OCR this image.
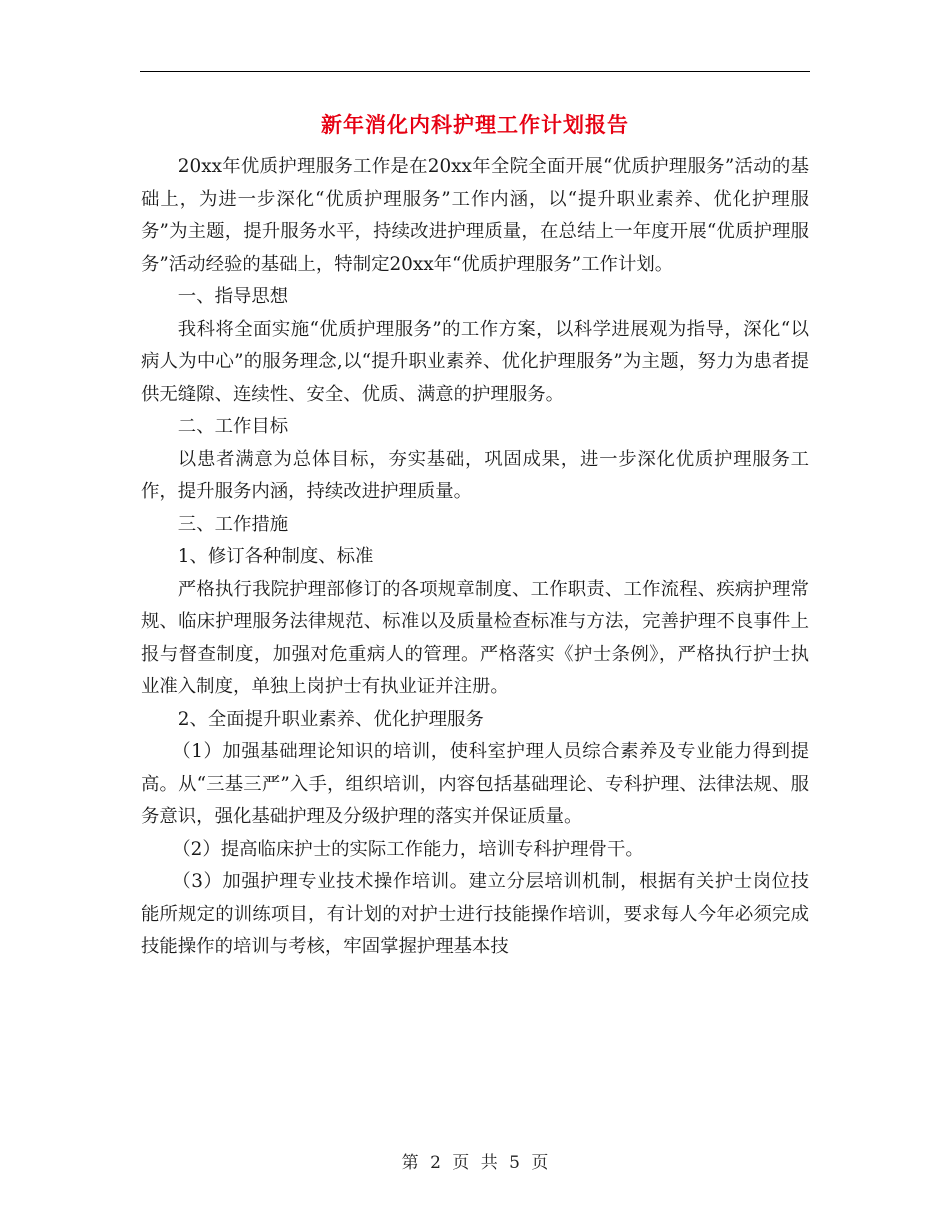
新年消化内科护理工作计划报告

20xx年优质护理服务工作是在20xx年全院全面开展“优质护理服务”活动的基础上，为进一步深化“优质护理服务”工作内涵，以“提升职业素养、优化护理服务”为主题，提升服务水平，持续改进护理质量，在总结上一年度开展“优质护理服务”活动经验的基础上，特制定20xx年“优质护理服务”工作计划。

一、指导思想

我科将全面实施“优质护理服务”的工作方案，以科学进展观为指导，深化“以病人为中心”的服务理念,以“提升职业素养、优化护理服务”为主题，努力为患者提供无缝隙、连续性、安全、优质、满意的护理服务。

二、工作目标

以患者满意为总体目标，夯实基础，巩固成果，进一步深化优质护理服务工作，提升服务内涵，持续改进护理质量。

三、工作措施

1、修订各种制度、标准

严格执行我院护理部修订的各项规章制度、工作职责、工作流程、疾病护理常规、临床护理服务法律规范、标准以及质量检查标准与方法，完善护理不良事件上报与督查制度，加强对危重病人的管理。严格落实《护士条例》，严格执行护士执业准入制度，单独上岗护士有执业证并注册。

2、全面提升职业素养、优化护理服务

（1）加强基础理论知识的培训，使科室护理人员综合素养及专业能力得到提高。从“三基三严”入手，组织培训，内容包括基础理论、专科护理、法律法规、服务意识，强化基础护理及分级护理的落实并保证质量。

（2）提高临床护士的实际工作能力，培训专科护理骨干。

（3）加强护理专业技术操作培训。建立分层培训机制，根据有关护士岗位技能所规定的训练项目，有计划的对护士进行技能操作培训，要求每人今年必须完成技能操作的培训与考核，牢固掌握护理基本技

第 2 页 共 5 页
